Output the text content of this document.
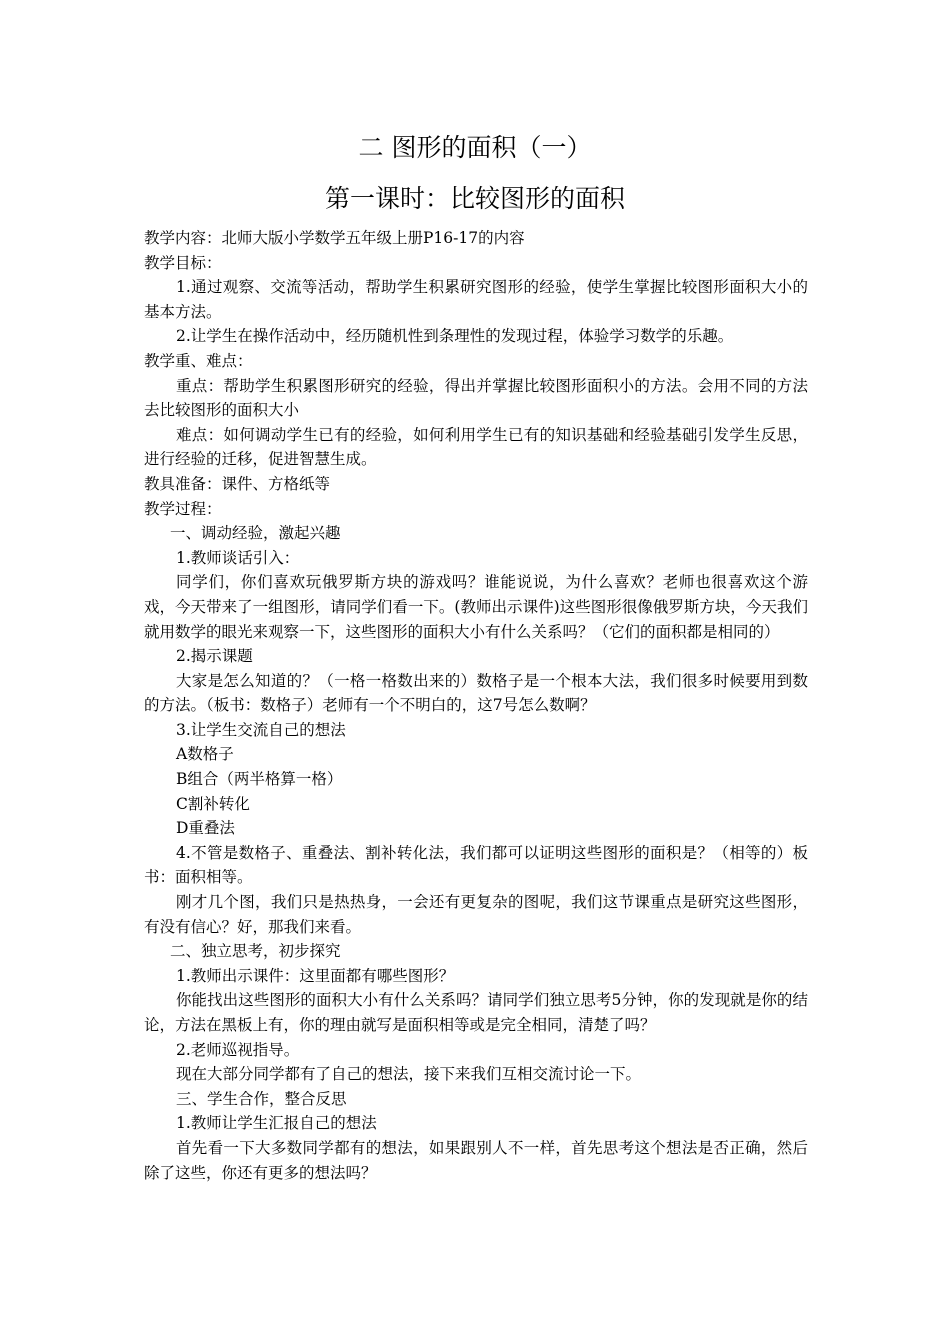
二 图形的面积（一）
第一课时：比较图形的面积

教学内容：北师大版小学数学五年级上册P16-17的内容

教学目标：

1.通过观察、交流等活动，帮助学生积累研究图形的经验，使学生掌握比较图形面积大小的基本方法。

2.让学生在操作活动中，经历随机性到条理性的发现过程，体验学习数学的乐趣。

教学重、难点：

重点：帮助学生积累图形研究的经验，得出并掌握比较图形面积小的方法。会用不同的方法去比较图形的面积大小

难点：如何调动学生已有的经验，如何利用学生已有的知识基础和经验基础引发学生反思，进行经验的迁移，促进智慧生成。

教具准备：课件、方格纸等

教学过程：

一、调动经验，激起兴趣

1.教师谈话引入：

同学们，你们喜欢玩俄罗斯方块的游戏吗？谁能说说，为什么喜欢？老师也很喜欢这个游戏，今天带来了一组图形，请同学们看一下。(教师出示课件)这些图形很像俄罗斯方块，今天我们就用数学的眼光来观察一下，这些图形的面积大小有什么关系吗？（它们的面积都是相同的）

2.揭示课题

大家是怎么知道的？（一格一格数出来的）数格子是一个根本大法，我们很多时候要用到数的方法。（板书：数格子）老师有一个不明白的，这7号怎么数啊？

3.让学生交流自己的想法

A数格子

B组合（两半格算一格）

C割补转化

D重叠法

4.不管是数格子、重叠法、割补转化法，我们都可以证明这些图形的面积是？（相等的）板书：面积相等。

刚才几个图，我们只是热热身，一会还有更复杂的图呢，我们这节课重点是研究这些图形，有没有信心？好，那我们来看。

二、独立思考，初步探究

1.教师出示课件：这里面都有哪些图形？

你能找出这些图形的面积大小有什么关系吗？请同学们独立思考5分钟，你的发现就是你的结论，方法在黑板上有，你的理由就写是面积相等或是完全相同，清楚了吗？

2.老师巡视指导。

现在大部分同学都有了自己的想法，接下来我们互相交流讨论一下。

三、学生合作，整合反思

1.教师让学生汇报自己的想法

首先看一下大多数同学都有的想法，如果跟别人不一样，首先思考这个想法是否正确，然后除了这些，你还有更多的想法吗？
